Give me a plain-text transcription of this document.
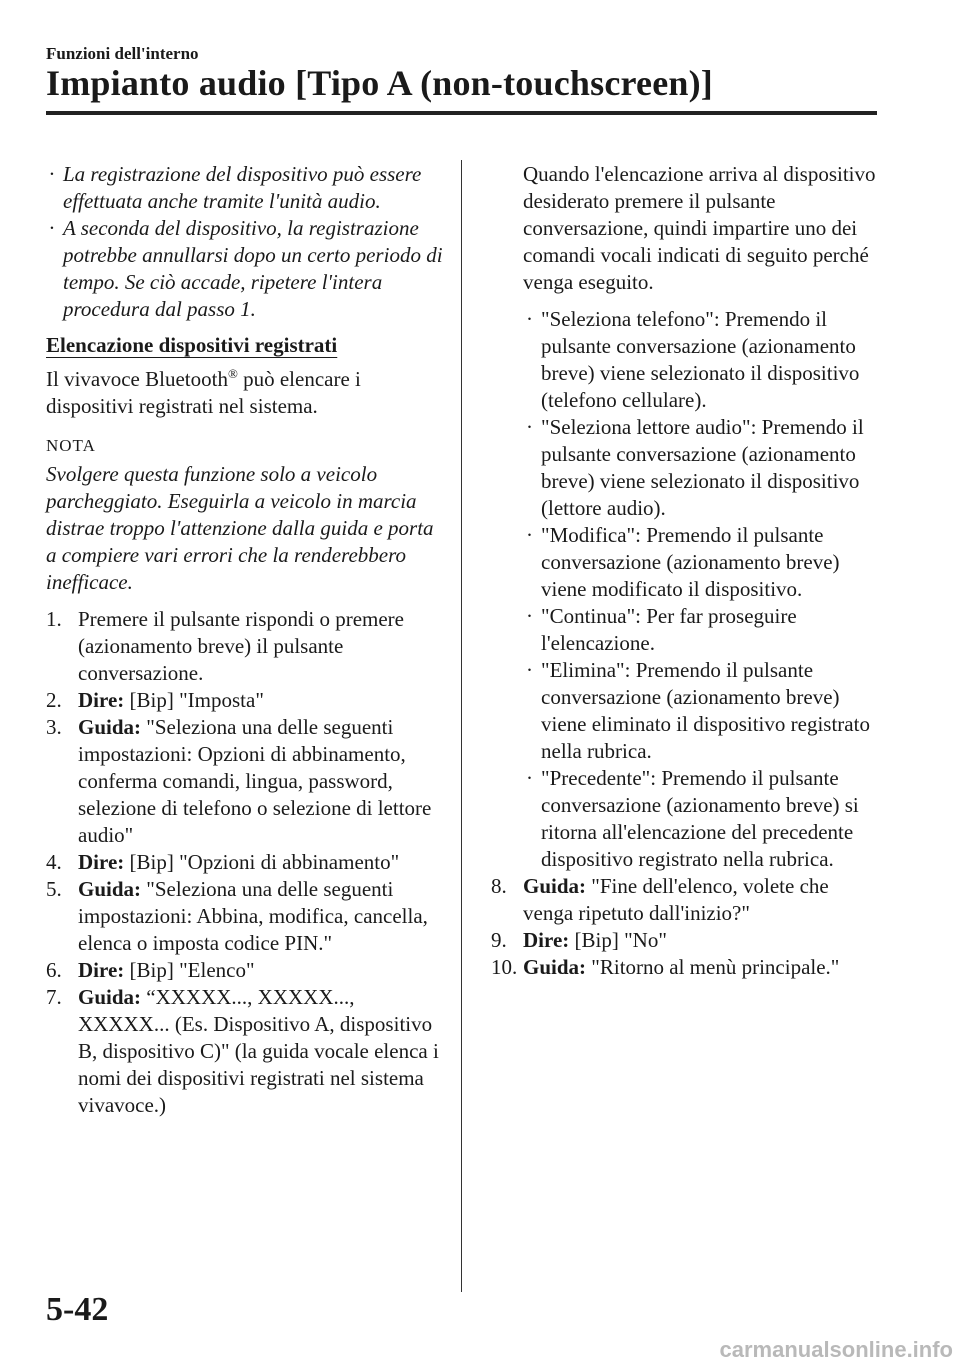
Funzioni dell'interno
Impianto audio [Tipo A (non-touchscreen)]
· La registrazione del dispositivo può essere effettuata anche tramite l'unità audio.
· A seconda del dispositivo, la registrazione potrebbe annullarsi dopo un certo periodo di tempo. Se ciò accade, ripetere l'intera procedura dal passo 1.
Elencazione dispositivi registrati
Il vivavoce Bluetooth® può elencare i dispositivi registrati nel sistema.
NOTA
Svolgere questa funzione solo a veicolo parcheggiato. Eseguirla a veicolo in marcia distrae troppo l'attenzione dalla guida e porta a compiere vari errori che la renderebbero inefficace.
1. Premere il pulsante rispondi o premere (azionamento breve) il pulsante conversazione.
2. Dire: [Bip] "Imposta"
3. Guida: "Seleziona una delle seguenti impostazioni: Opzioni di abbinamento, conferma comandi, lingua, password, selezione di telefono o selezione di lettore audio"
4. Dire: [Bip] "Opzioni di abbinamento"
5. Guida: "Seleziona una delle seguenti impostazioni: Abbina, modifica, cancella, elenca o imposta codice PIN."
6. Dire: [Bip] "Elenco"
7. Guida: “XXXXX..., XXXXX..., XXXXX... (Es. Dispositivo A, dispositivo B, dispositivo C)" (la guida vocale elenca i nomi dei dispositivi registrati nel sistema vivavoce.)
Quando l'elencazione arriva al dispositivo desiderato premere il pulsante conversazione, quindi impartire uno dei comandi vocali indicati di seguito perché venga eseguito.
· "Seleziona telefono": Premendo il pulsante conversazione (azionamento breve) viene selezionato il dispositivo (telefono cellulare).
· "Seleziona lettore audio": Premendo il pulsante conversazione (azionamento breve) viene selezionato il dispositivo (lettore audio).
· "Modifica": Premendo il pulsante conversazione (azionamento breve) viene modificato il dispositivo.
· "Continua": Per far proseguire l'elencazione.
· "Elimina": Premendo il pulsante conversazione (azionamento breve) viene eliminato il dispositivo registrato nella rubrica.
· "Precedente": Premendo il pulsante conversazione (azionamento breve) si ritorna all'elencazione del precedente dispositivo registrato nella rubrica.
8. Guida: "Fine dell'elenco, volete che venga ripetuto dall'inizio?"
9. Dire: [Bip] "No"
10. Guida: "Ritorno al menù principale."
5-42
carmanualsonline.info
